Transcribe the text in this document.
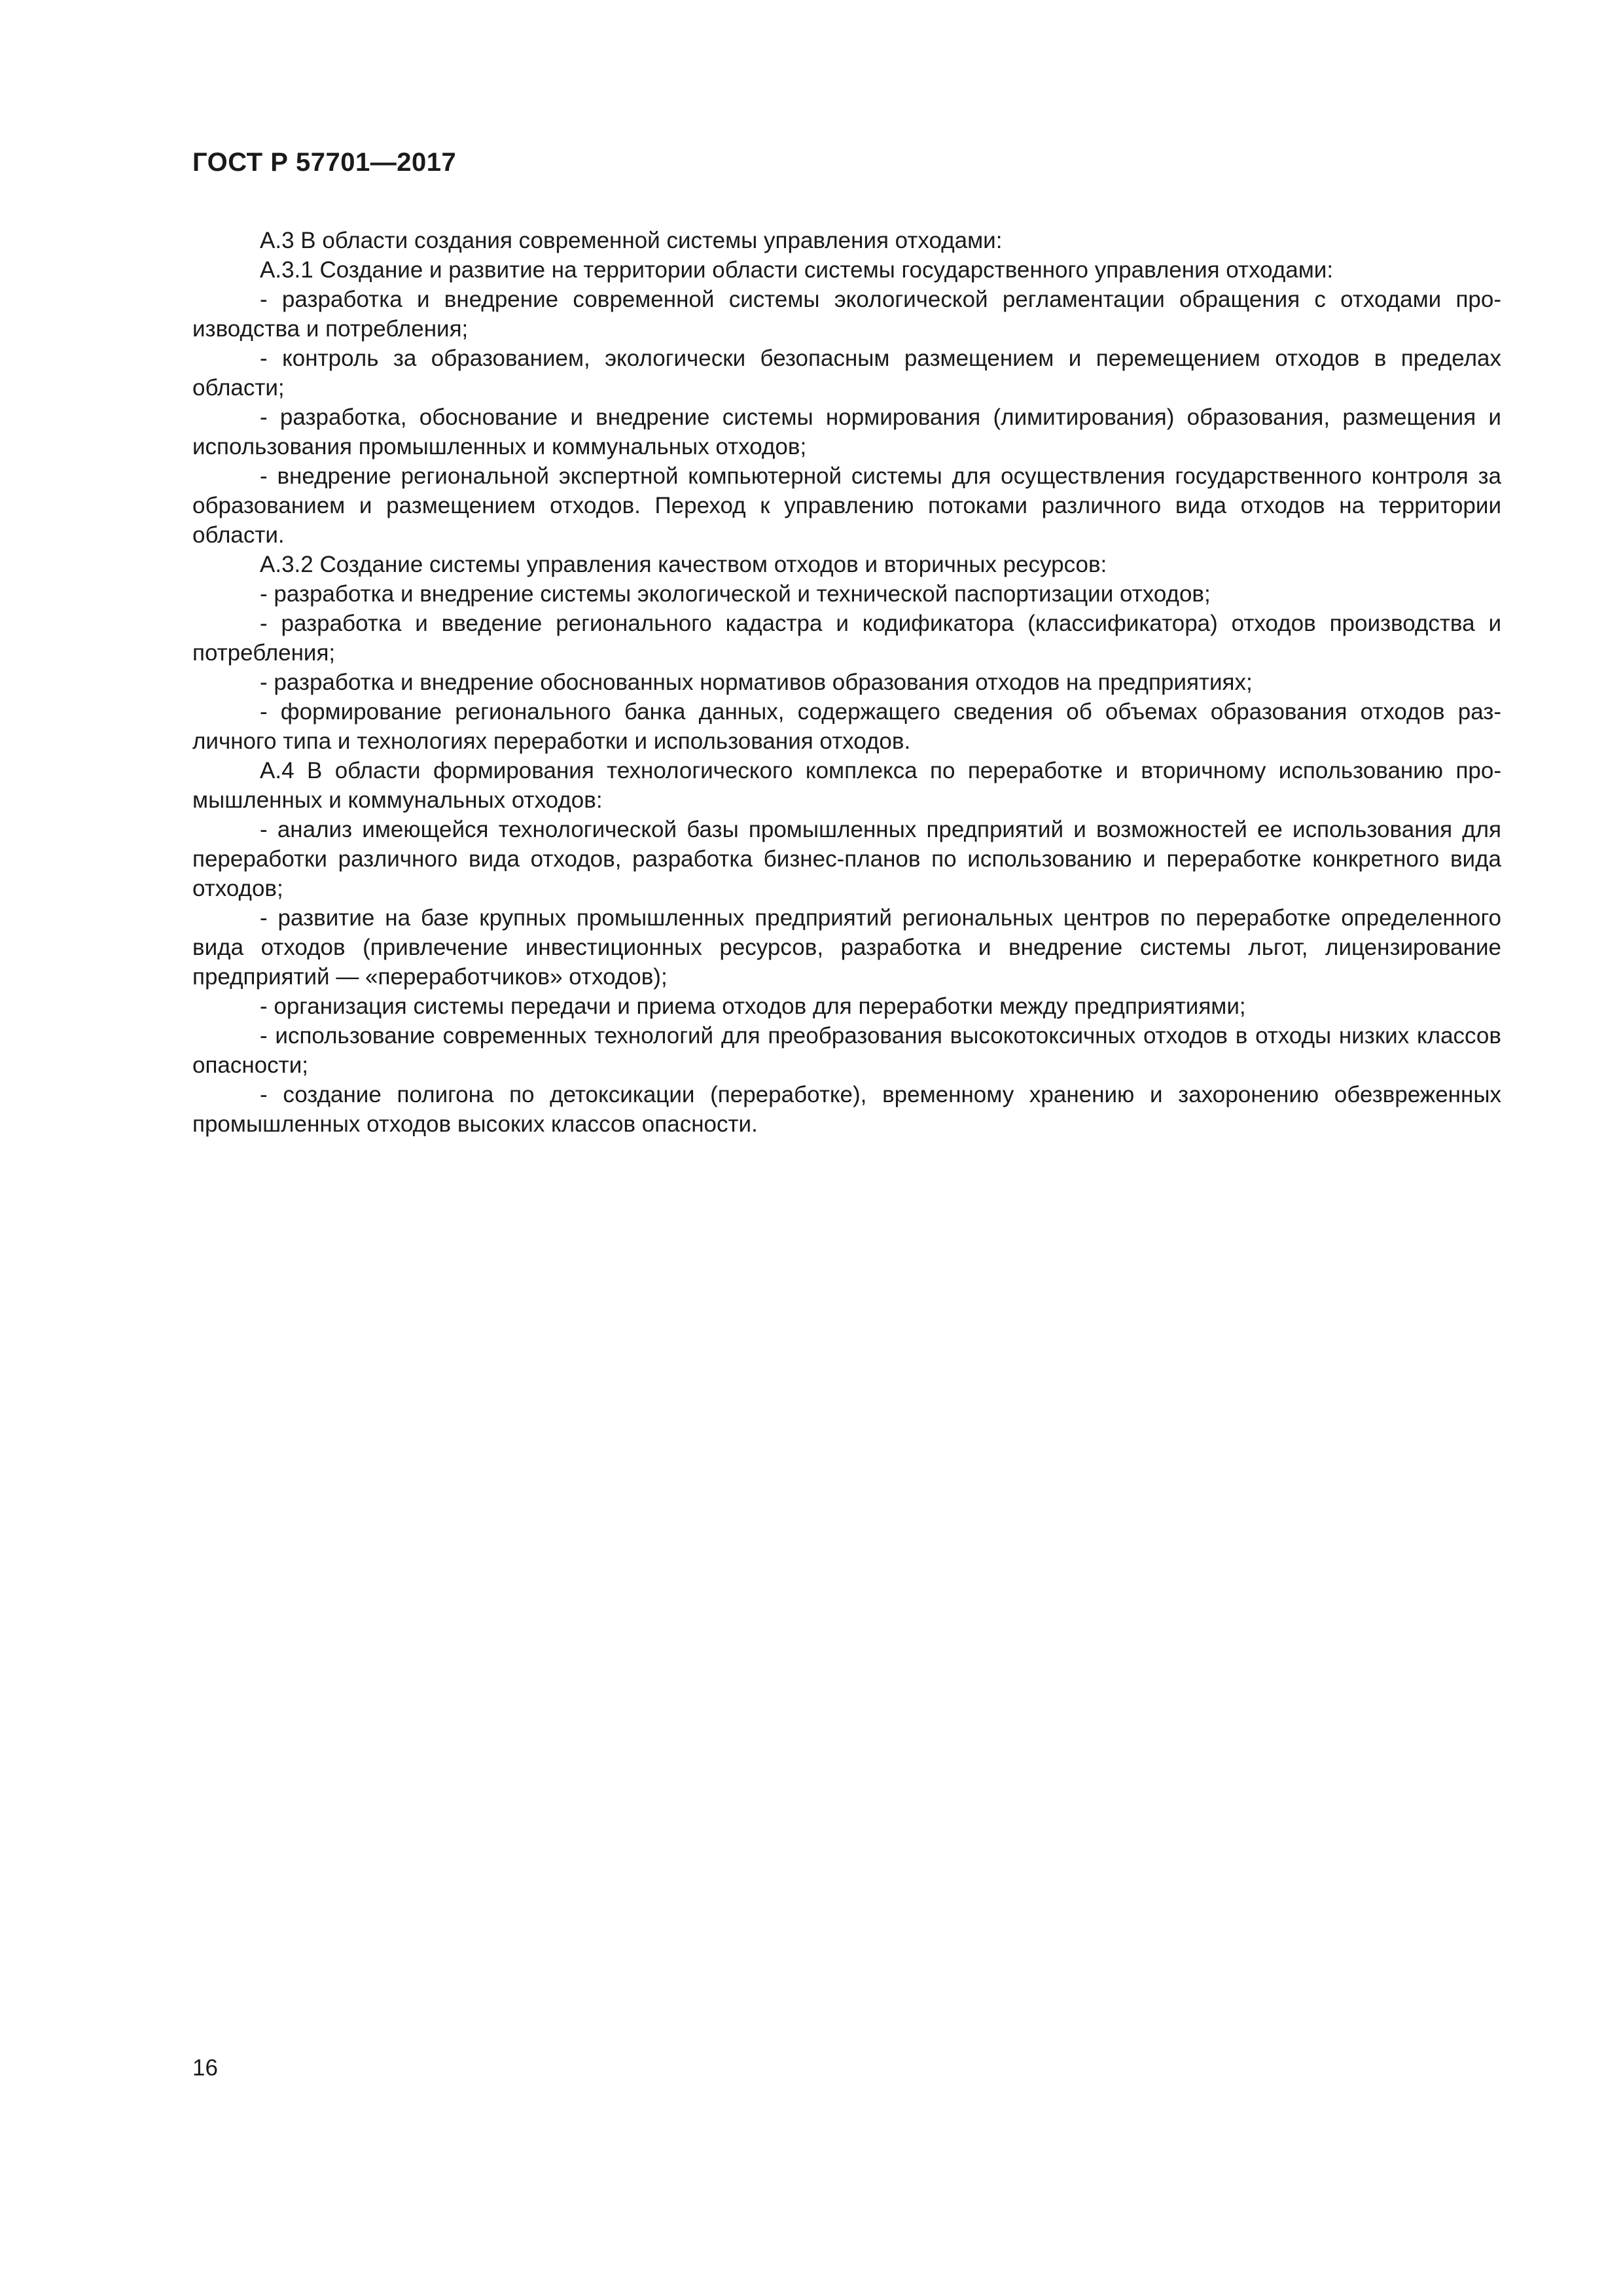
ГОСТ Р 57701—2017

А.3 В области создания современной системы управления отходами:

А.3.1 Создание и развитие на территории области системы государственного управления отходами:

- разработка и внедрение современной системы экологической регламентации обращения с отходами производства и потребления;

- контроль за образованием, экологически безопасным размещением и перемещением отходов в пределах области;

- разработка, обоснование и внедрение системы нормирования (лимитирования) образования, размещения и использования промышленных и коммунальных отходов;

- внедрение региональной экспертной компьютерной системы для осуществления государственного контроля за образованием и размещением отходов. Переход к управлению потоками различного вида отходов на территории области.

А.3.2 Создание системы управления качеством отходов и вторичных ресурсов:

- разработка и внедрение системы экологической и технической паспортизации отходов;

- разработка и введение регионального кадастра и кодификатора (классификатора) отходов производства и потребления;

- разработка и внедрение обоснованных нормативов образования отходов на предприятиях;

- формирование регионального банка данных, содержащего сведения об объемах образования отходов различного типа и технологиях переработки и использования отходов.

А.4 В области формирования технологического комплекса по переработке и вторичному использованию промышленных и коммунальных отходов:

- анализ имеющейся технологической базы промышленных предприятий и возможностей ее использования для переработки различного вида отходов, разработка бизнес-планов по использованию и переработке конкретного вида отходов;

- развитие на базе крупных промышленных предприятий региональных центров по переработке определенного вида отходов (привлечение инвестиционных ресурсов, разработка и внедрение системы льгот, лицензирование предприятий — «переработчиков» отходов);

- организация системы передачи и приема отходов для переработки между предприятиями;

- использование современных технологий для преобразования высокотоксичных отходов в отходы низких классов опасности;

- создание полигона по детоксикации (переработке), временному хранению и захоронению обезвреженных промышленных отходов высоких классов опасности.

16
